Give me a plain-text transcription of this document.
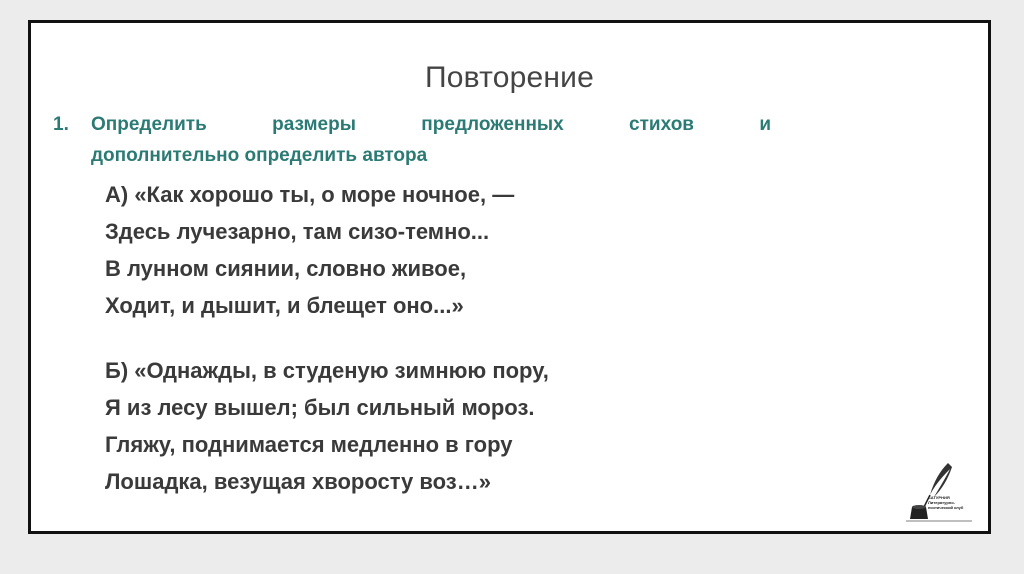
Повторение
1. Определить	размеры	предложенных	стихов	и
дополнительно определить автора
А) «Как хорошо ты, о море ночное, —
Здесь лучезарно, там сизо-темно...
В лунном сиянии, словно живое,
Ходит, и дышит, и блещет оно...»
Б) «Однажды, в студеную зимнюю пору,
Я из лесу вышел; был сильный мороз.
Гляжу, поднимается медленно в гору
Лошадка, везущая хворосту воз…»
САТУРНИЯ
Литературно-
поэтический клуб
